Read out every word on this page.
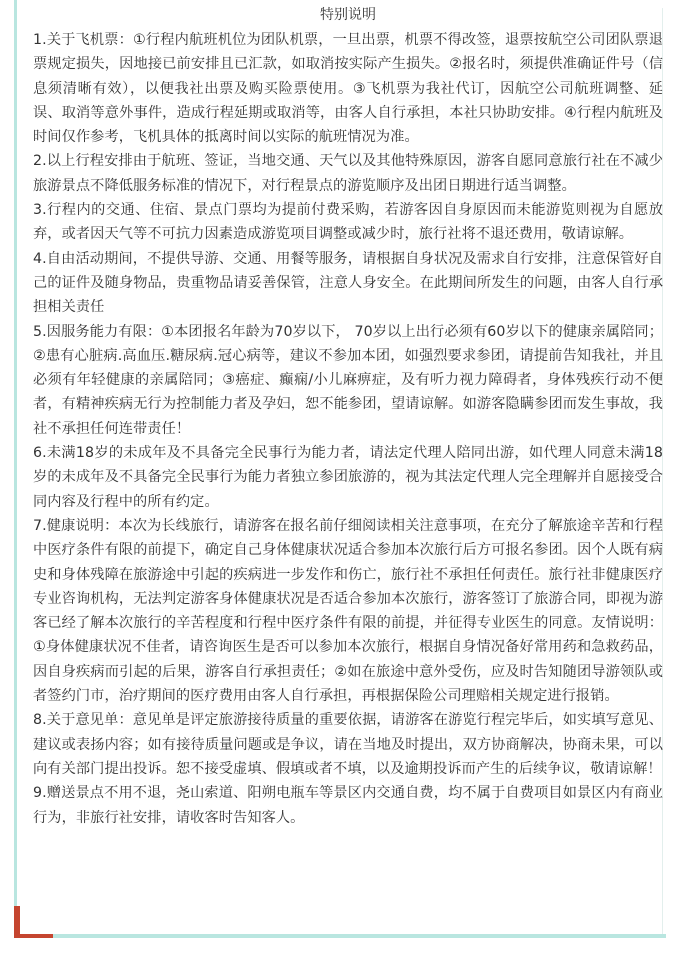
特别说明

1.关于飞机票：①行程内航班机位为团队机票，一旦出票，机票不得改签，退票按航空公司团队票退票规定损失，因地接已前安排且已汇款，如取消按实际产生损失。②报名时，须提供准确证件号（信息须清晰有效），以便我社出票及购买险票使用。③飞机票为我社代订，因航空公司航班调整、延误、取消等意外事件，造成行程延期或取消等，由客人自行承担，本社只协助安排。④行程内航班及时间仅作参考，飞机具体的抵离时间以实际的航班情况为准。

2.以上行程安排由于航班、签证，当地交通、天气以及其他特殊原因，游客自愿同意旅行社在不减少旅游景点不降低服务标准的情况下，对行程景点的游览顺序及出团日期进行适当调整。

3.行程内的交通、住宿、景点门票均为提前付费采购，若游客因自身原因而未能游览则视为自愿放弃，或者因天气等不可抗力因素造成游览项目调整或减少时，旅行社将不退还费用，敬请谅解。

4.自由活动期间，不提供导游、交通、用餐等服务，请根据自身状况及需求自行安排，注意保管好自己的证件及随身物品，贵重物品请妥善保管，注意人身安全。在此期间所发生的问题，由客人自行承担相关责任

5.因服务能力有限：①本团报名年龄为70岁以下， 70岁以上出行必须有60岁以下的健康亲属陪同；②患有心脏病.高血压.糖尿病.冠心病等，建议不参加本团，如强烈要求参团，请提前告知我社，并且必须有年轻健康的亲属陪同；③癌症、癫痫/小儿麻痹症，及有听力视力障碍者，身体残疾行动不便者，有精神疾病无行为控制能力者及孕妇，恕不能参团，望请谅解。如游客隐瞒参团而发生事故，我社不承担任何连带责任！

6.未满18岁的未成年及不具备完全民事行为能力者，请法定代理人陪同出游，如代理人同意未满18岁的未成年及不具备完全民事行为能力者独立参团旅游的，视为其法定代理人完全理解并自愿接受合同内容及行程中的所有约定。

7.健康说明：本次为长线旅行，请游客在报名前仔细阅读相关注意事项，在充分了解旅途辛苦和行程中医疗条件有限的前提下，确定自己身体健康状况适合参加本次旅行后方可报名参团。因个人既有病史和身体残障在旅游途中引起的疾病进一步发作和伤亡，旅行社不承担任何责任。旅行社非健康医疗专业咨询机构，无法判定游客身体健康状况是否适合参加本次旅行，游客签订了旅游合同，即视为游客已经了解本次旅行的辛苦程度和行程中医疗条件有限的前提，并征得专业医生的同意。友情说明：①身体健康状况不佳者，请咨询医生是否可以参加本次旅行，根据自身情况备好常用药和急救药品，因自身疾病而引起的后果，游客自行承担责任；②如在旅途中意外受伤，应及时告知随团导游领队或者签约门市，治疗期间的医疗费用由客人自行承担，再根据保险公司理赔相关规定进行报销。

8.关于意见单：意见单是评定旅游接待质量的重要依据，请游客在游览行程完毕后，如实填写意见、建议或表扬内容；如有接待质量问题或是争议，请在当地及时提出，双方协商解决，协商未果，可以向有关部门提出投诉。恕不接受虚填、假填或者不填，以及逾期投诉而产生的后续争议，敬请谅解！

9.赠送景点不用不退，尧山索道、阳朔电瓶车等景区内交通自费，均不属于自费项目如景区内有商业行为，非旅行社安排，请收客时告知客人。
